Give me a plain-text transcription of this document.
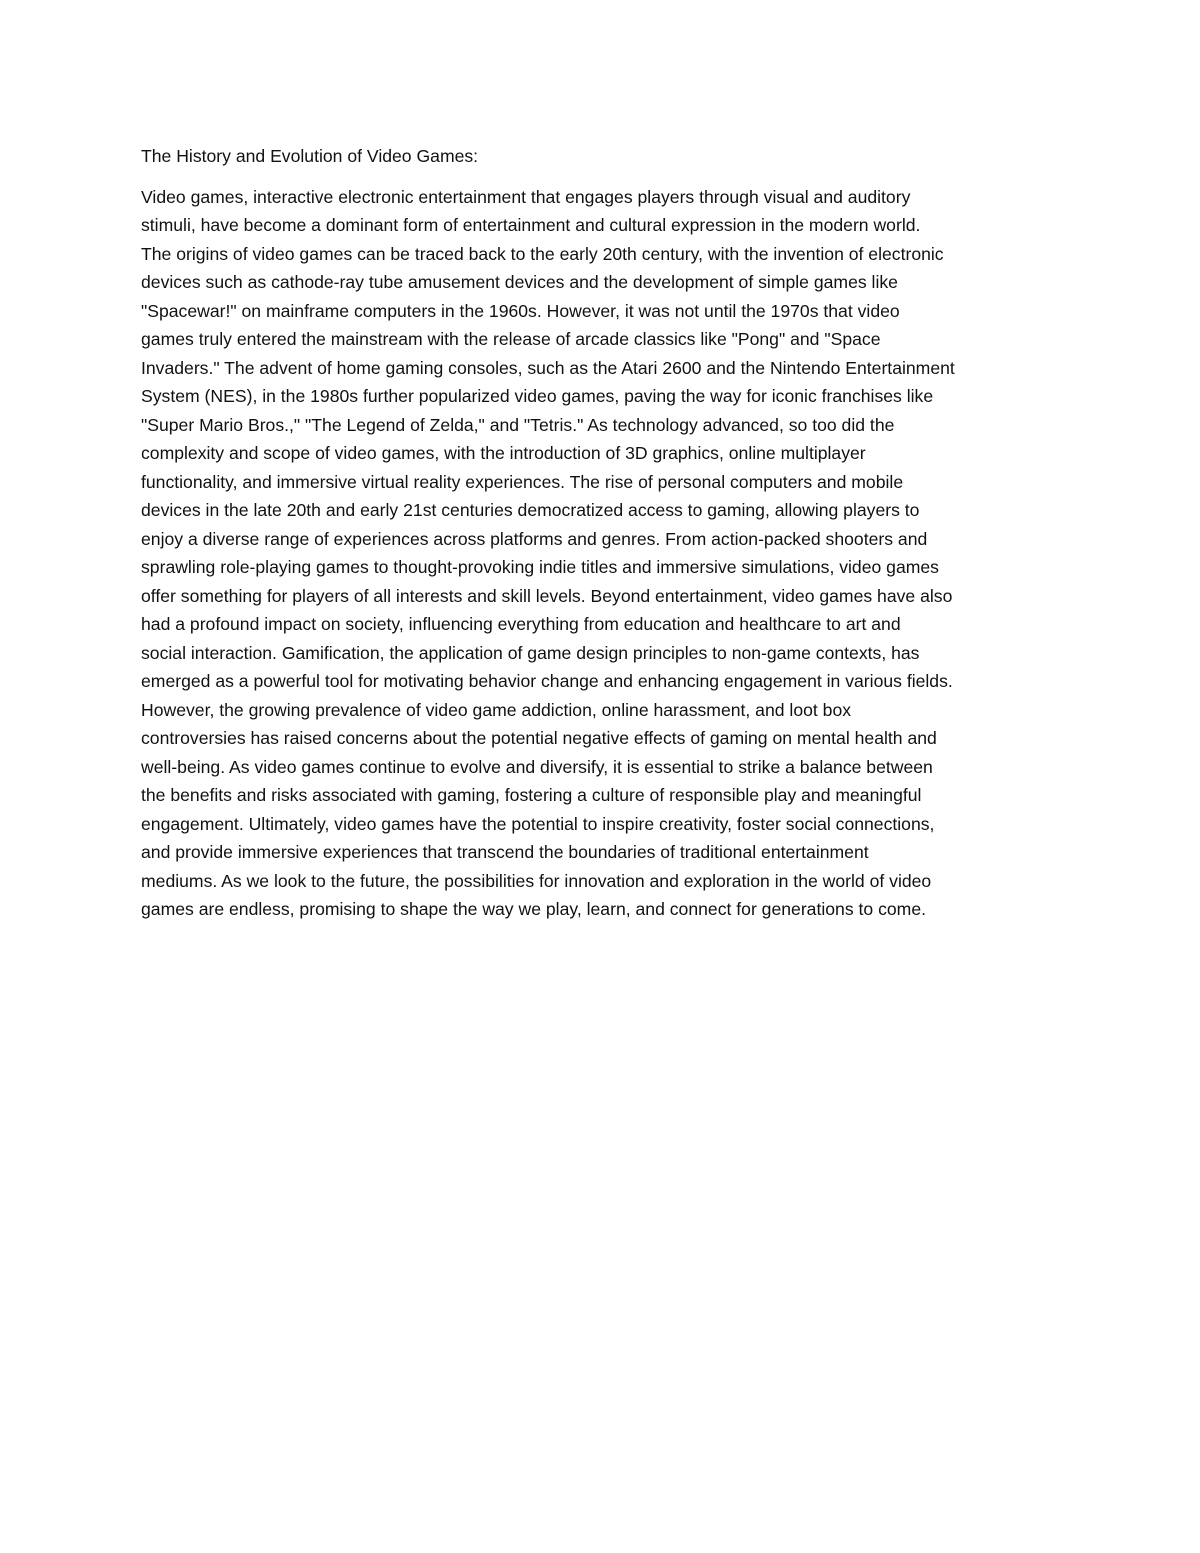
The History and Evolution of Video Games:

Video games, interactive electronic entertainment that engages players through visual and auditory
stimuli, have become a dominant form of entertainment and cultural expression in the modern world.
The origins of video games can be traced back to the early 20th century, with the invention of electronic
devices such as cathode-ray tube amusement devices and the development of simple games like
"Spacewar!" on mainframe computers in the 1960s. However, it was not until the 1970s that video
games truly entered the mainstream with the release of arcade classics like "Pong" and "Space
Invaders." The advent of home gaming consoles, such as the Atari 2600 and the Nintendo Entertainment
System (NES), in the 1980s further popularized video games, paving the way for iconic franchises like
"Super Mario Bros.," "The Legend of Zelda," and "Tetris." As technology advanced, so too did the
complexity and scope of video games, with the introduction of 3D graphics, online multiplayer
functionality, and immersive virtual reality experiences. The rise of personal computers and mobile
devices in the late 20th and early 21st centuries democratized access to gaming, allowing players to
enjoy a diverse range of experiences across platforms and genres. From action-packed shooters and
sprawling role-playing games to thought-provoking indie titles and immersive simulations, video games
offer something for players of all interests and skill levels. Beyond entertainment, video games have also
had a profound impact on society, influencing everything from education and healthcare to art and
social interaction. Gamification, the application of game design principles to non-game contexts, has
emerged as a powerful tool for motivating behavior change and enhancing engagement in various fields.
However, the growing prevalence of video game addiction, online harassment, and loot box
controversies has raised concerns about the potential negative effects of gaming on mental health and
well-being. As video games continue to evolve and diversify, it is essential to strike a balance between
the benefits and risks associated with gaming, fostering a culture of responsible play and meaningful
engagement. Ultimately, video games have the potential to inspire creativity, foster social connections,
and provide immersive experiences that transcend the boundaries of traditional entertainment
mediums. As we look to the future, the possibilities for innovation and exploration in the world of video
games are endless, promising to shape the way we play, learn, and connect for generations to come.
